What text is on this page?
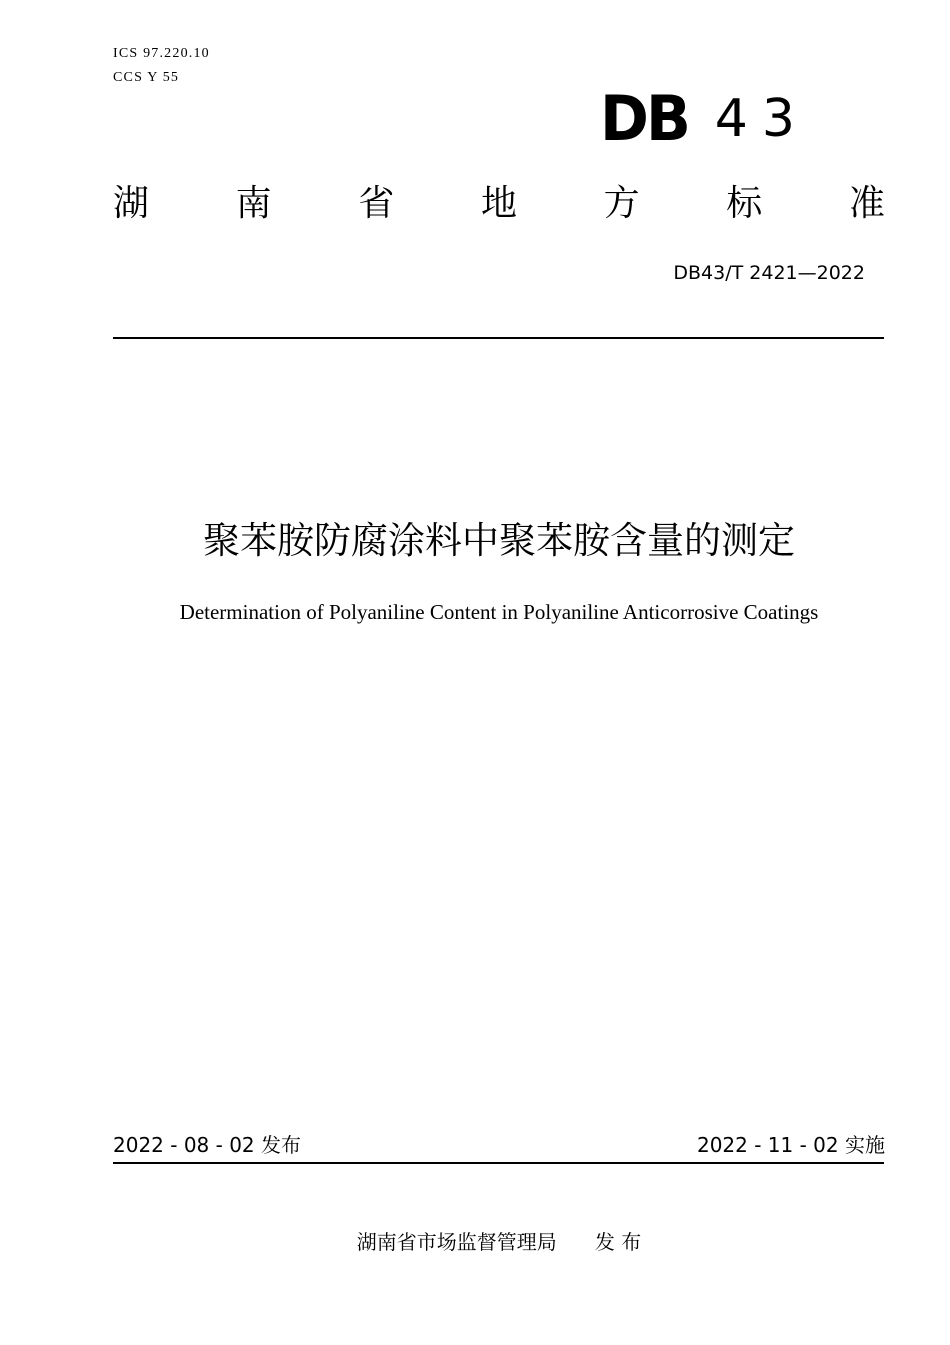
ICS 97.220.10
CCS Y 55
DB 43
湖 南 省 地 方 标 准
DB43/T 2421—2022
聚苯胺防腐涂料中聚苯胺含量的测定
Determination of Polyaniline Content in Polyaniline Anticorrosive Coatings
2022 - 08 - 02 发布	2022 - 11 - 02 实施
湖南省市场监督管理局      发 布
